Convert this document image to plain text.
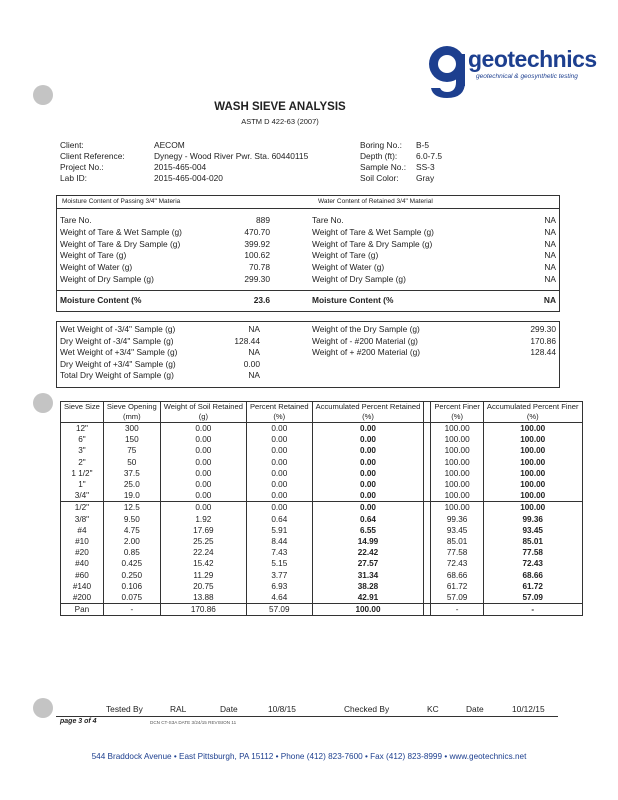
geotechnics
geotechnical & geosynthetic testing
WASH SIEVE ANALYSIS
ASTM D 422-63 (2007)
Client:	AECOM
Client Reference:	Dynegy - Wood River Pwr. Sta. 60440115
Project No.:	2015-465-004
Lab ID:	2015-465-004-020
Boring No.: B-5
Depth (ft): 6.0-7.5
Sample No.: SS-3
Soil Color: Gray
Moisture Content of Passing 3/4" Materia	Water Content of Retained 3/4" Material
Tare No.	889
Weight of Tare & Wet Sample (g)	470.70
Weight of Tare & Dry Sample (g)	399.92
Weight of Tare (g)	100.62
Weight of Water (g)	70.78
Weight of Dry Sample (g)	299.30
Tare No.	NA
Weight of Tare & Wet Sample (g)	NA
Weight of Tare & Dry Sample (g)	NA
Weight of Tare (g)	NA
Weight of Water (g)	NA
Weight of Dry Sample (g)	NA
Moisture Content (%	23.6	Moisture Content (%	NA
Wet Weight of -3/4" Sample (g)	NA
Dry Weight of -3/4" Sample (g)	128.44
Wet Weight of +3/4" Sample (g)	NA
Dry Weight of +3/4" Sample (g)	0.00
Total Dry Weight of Sample (g)	NA
Weight of the Dry Sample (g)	299.30
Weight of - #200 Material (g)	170.86
Weight of + #200 Material (g)	128.44
Sieve Size	Sieve Opening	Weight of Soil Retained	Percent Retained	Accumulated Percent Retained		Percent Finer	Accumulated Percent Finer
	(mm)	(g)	(%)	(%)		(%)	(%)
12"	300	0.00	0.00	0.00		100.00	100.00
6"	150	0.00	0.00	0.00		100.00	100.00
3"	75	0.00	0.00	0.00		100.00	100.00
2"	50	0.00	0.00	0.00		100.00	100.00
1 1/2"	37.5	0.00	0.00	0.00		100.00	100.00
1"	25.0	0.00	0.00	0.00		100.00	100.00
3/4"	19.0	0.00	0.00	0.00		100.00	100.00
1/2"	12.5	0.00	0.00	0.00		100.00	100.00
3/8"	9.50	1.92	0.64	0.64		99.36	99.36
#4	4.75	17.69	5.91	6.55		93.45	93.45
#10	2.00	25.25	8.44	14.99		85.01	85.01
#20	0.85	22.24	7.43	22.42		77.58	77.58
#40	0.425	15.42	5.15	27.57		72.43	72.43
#60	0.250	11.29	3.77	31.34		68.66	68.66
#140	0.106	20.75	6.93	38.28		61.72	61.72
#200	0.075	13.88	4.64	42.91		57.09	57.09
Pan	-	170.86	57.09	100.00		-	-
Tested By	RAL	Date	10/8/15	Checked By	KC	Date	10/12/15
page 3 of 4	DCN CT-S3A DATE 3/24/15 REVISION 11
544 Braddock Avenue • East Pittsburgh, PA 15112 • Phone (412) 823-7600 • Fax (412) 823-8999 • www.geotechnics.net
